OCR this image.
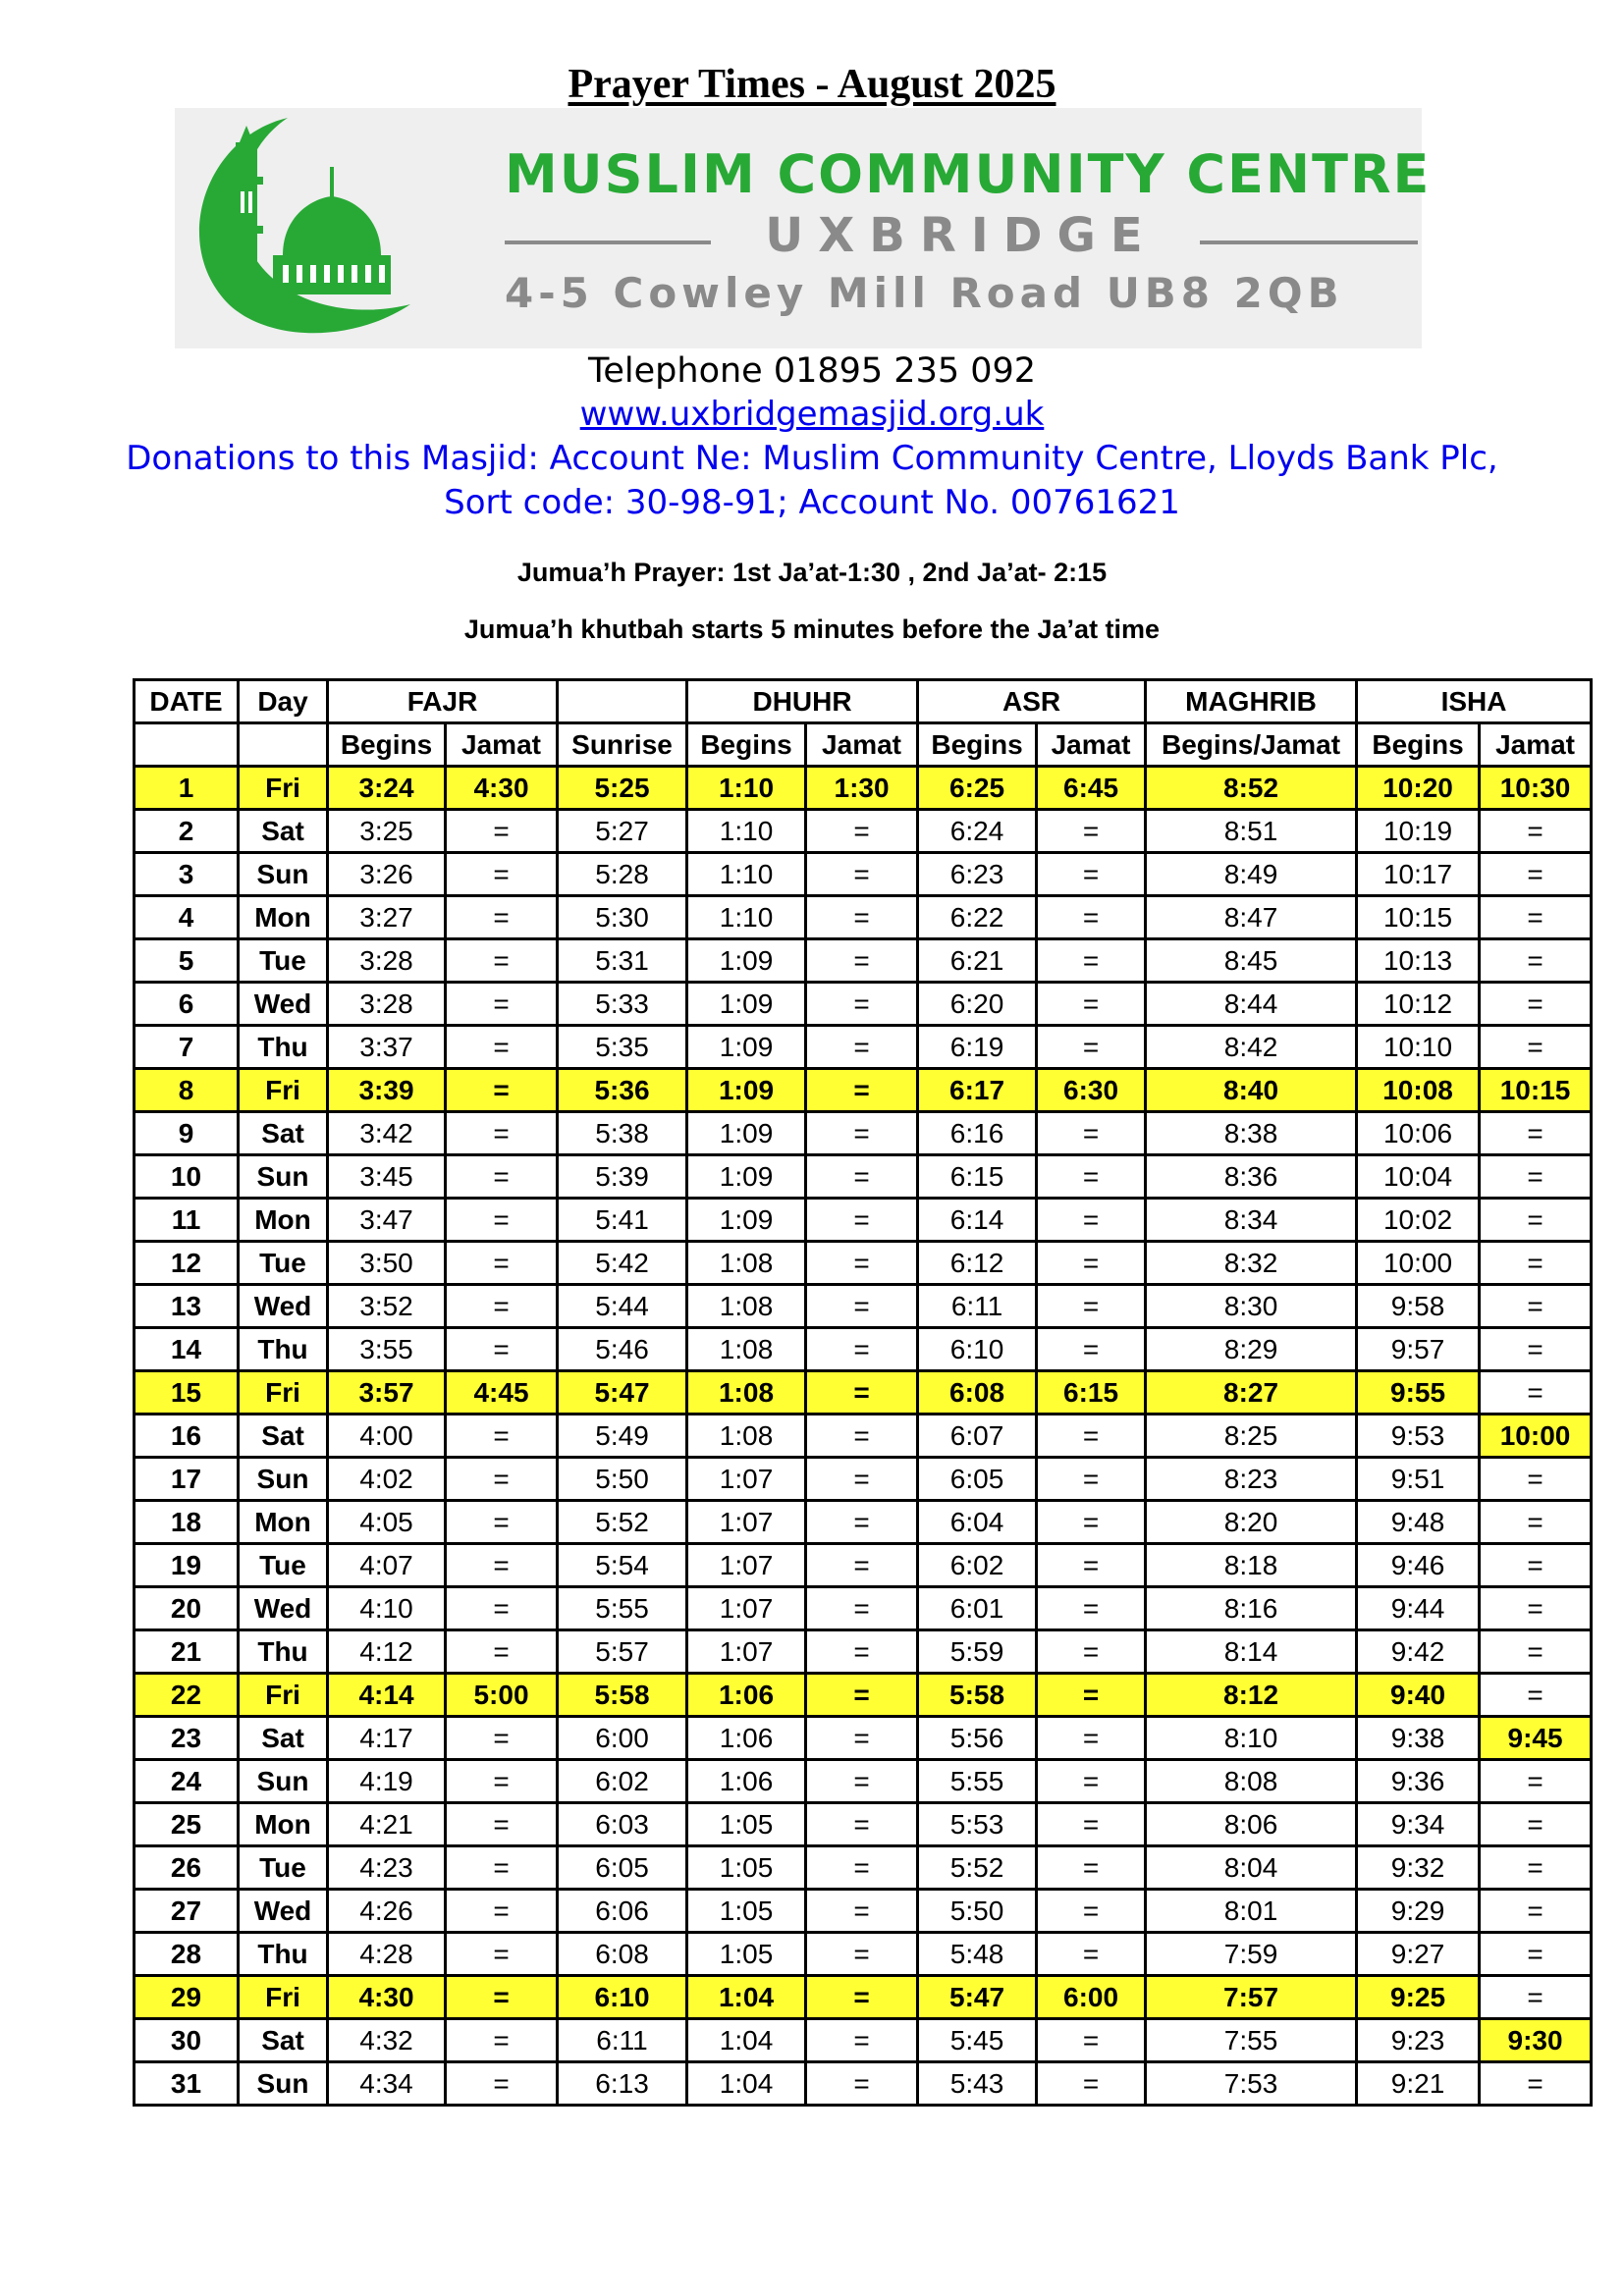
Prayer Times - August 2025
MUSLIM COMMUNITY CENTRE
UXBRIDGE
4-5 Cowley Mill Road UB8 2QB
Telephone 01895 235 092
www.uxbridgemasjid.org.uk
Donations to this Masjid: Account Ne: Muslim Community Centre, Lloyds Bank Plc,
Sort code: 30-98-91; Account No. 00761621
Jumua’h Prayer: 1st Ja’at-1:30 , 2nd Ja’at- 2:15
Jumua’h khutbah starts 5 minutes before the Ja’at time
DATE	Day	FAJR			DHUHR		ASR		MAGHRIB	ISHA	
		Begins	Jamat	Sunrise	Begins	Jamat	Begins	Jamat	Begins/Jamat	Begins	Jamat
1	Fri	3:24	4:30	5:25	1:10	1:30	6:25	6:45	8:52	10:20	10:30
2	Sat	3:25	=	5:27	1:10	=	6:24	=	8:51	10:19	=
3	Sun	3:26	=	5:28	1:10	=	6:23	=	8:49	10:17	=
4	Mon	3:27	=	5:30	1:10	=	6:22	=	8:47	10:15	=
5	Tue	3:28	=	5:31	1:09	=	6:21	=	8:45	10:13	=
6	Wed	3:28	=	5:33	1:09	=	6:20	=	8:44	10:12	=
7	Thu	3:37	=	5:35	1:09	=	6:19	=	8:42	10:10	=
8	Fri	3:39	=	5:36	1:09	=	6:17	6:30	8:40	10:08	10:15
9	Sat	3:42	=	5:38	1:09	=	6:16	=	8:38	10:06	=
10	Sun	3:45	=	5:39	1:09	=	6:15	=	8:36	10:04	=
11	Mon	3:47	=	5:41	1:09	=	6:14	=	8:34	10:02	=
12	Tue	3:50	=	5:42	1:08	=	6:12	=	8:32	10:00	=
13	Wed	3:52	=	5:44	1:08	=	6:11	=	8:30	9:58	=
14	Thu	3:55	=	5:46	1:08	=	6:10	=	8:29	9:57	=
15	Fri	3:57	4:45	5:47	1:08	=	6:08	6:15	8:27	9:55	=
16	Sat	4:00	=	5:49	1:08	=	6:07	=	8:25	9:53	10:00
17	Sun	4:02	=	5:50	1:07	=	6:05	=	8:23	9:51	=
18	Mon	4:05	=	5:52	1:07	=	6:04	=	8:20	9:48	=
19	Tue	4:07	=	5:54	1:07	=	6:02	=	8:18	9:46	=
20	Wed	4:10	=	5:55	1:07	=	6:01	=	8:16	9:44	=
21	Thu	4:12	=	5:57	1:07	=	5:59	=	8:14	9:42	=
22	Fri	4:14	5:00	5:58	1:06	=	5:58	=	8:12	9:40	=
23	Sat	4:17	=	6:00	1:06	=	5:56	=	8:10	9:38	9:45
24	Sun	4:19	=	6:02	1:06	=	5:55	=	8:08	9:36	=
25	Mon	4:21	=	6:03	1:05	=	5:53	=	8:06	9:34	=
26	Tue	4:23	=	6:05	1:05	=	5:52	=	8:04	9:32	=
27	Wed	4:26	=	6:06	1:05	=	5:50	=	8:01	9:29	=
28	Thu	4:28	=	6:08	1:05	=	5:48	=	7:59	9:27	=
29	Fri	4:30	=	6:10	1:04	=	5:47	6:00	7:57	9:25	=
30	Sat	4:32	=	6:11	1:04	=	5:45	=	7:55	9:23	9:30
31	Sun	4:34	=	6:13	1:04	=	5:43	=	7:53	9:21	=
